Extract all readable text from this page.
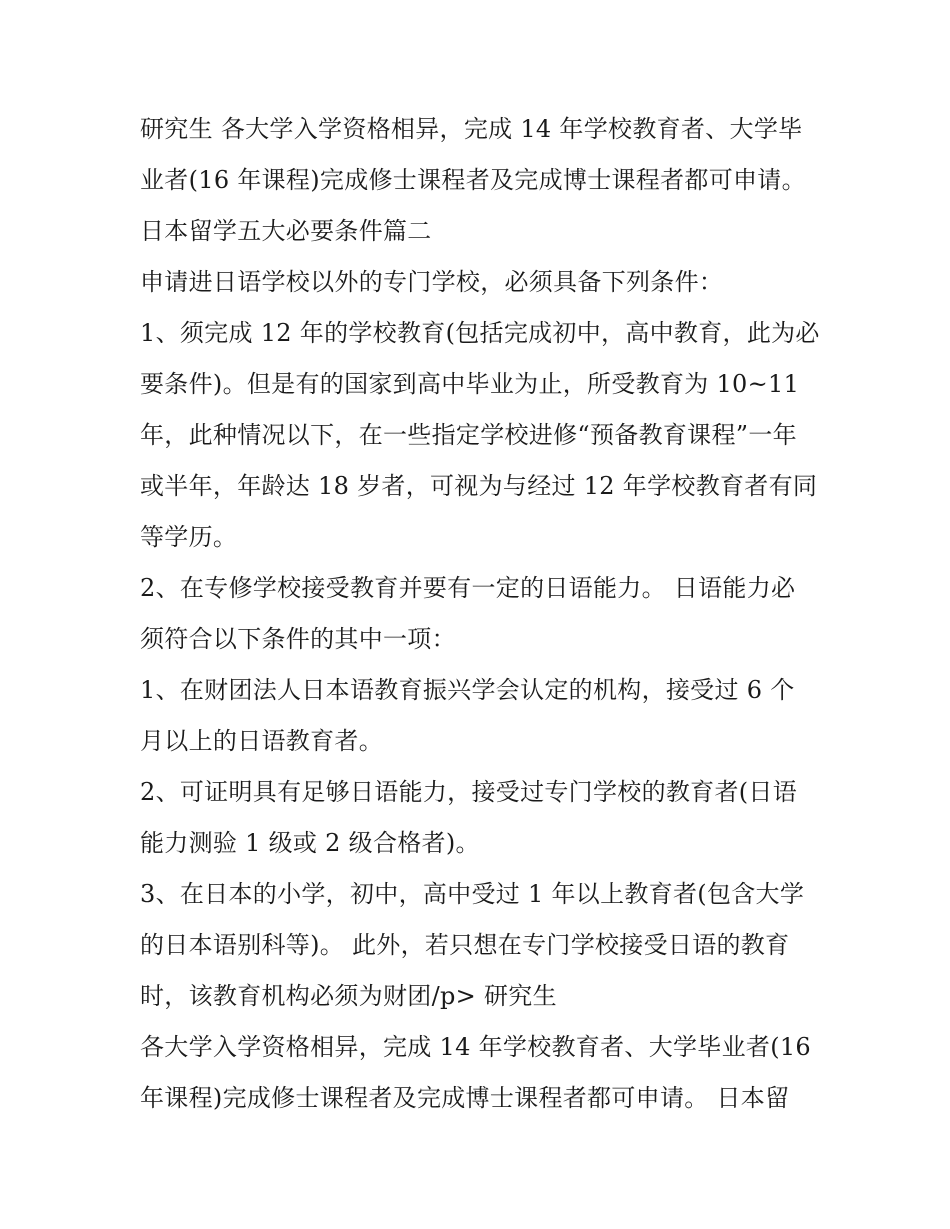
研究生 各大学入学资格相异，完成 14 年学校教育者、大学毕
业者(16 年课程)完成修士课程者及完成博士课程者都可申请。
日本留学五大必要条件篇二
申请进日语学校以外的专门学校，必须具备下列条件：
1、须完成 12 年的学校教育(包括完成初中，高中教育，此为必
要条件)。但是有的国家到高中毕业为止，所受教育为 10~11
年，此种情况以下，在一些指定学校进修“预备教育课程”一年
或半年，年龄达 18 岁者，可视为与经过 12 年学校教育者有同
等学历。
2、在专修学校接受教育并要有一定的日语能力。 日语能力必
须符合以下条件的其中一项：
1、在财团法人日本语教育振兴学会认定的机构，接受过 6 个
月以上的日语教育者。
2、可证明具有足够日语能力，接受过专门学校的教育者(日语
能力测验 1 级或 2 级合格者)。
3、在日本的小学，初中，高中受过 1 年以上教育者(包含大学
的日本语别科等)。 此外，若只想在专门学校接受日语的教育
时，该教育机构必须为财团/p> 研究生
各大学入学资格相异，完成 14 年学校教育者、大学毕业者(16
年课程)完成修士课程者及完成博士课程者都可申请。 日本留
